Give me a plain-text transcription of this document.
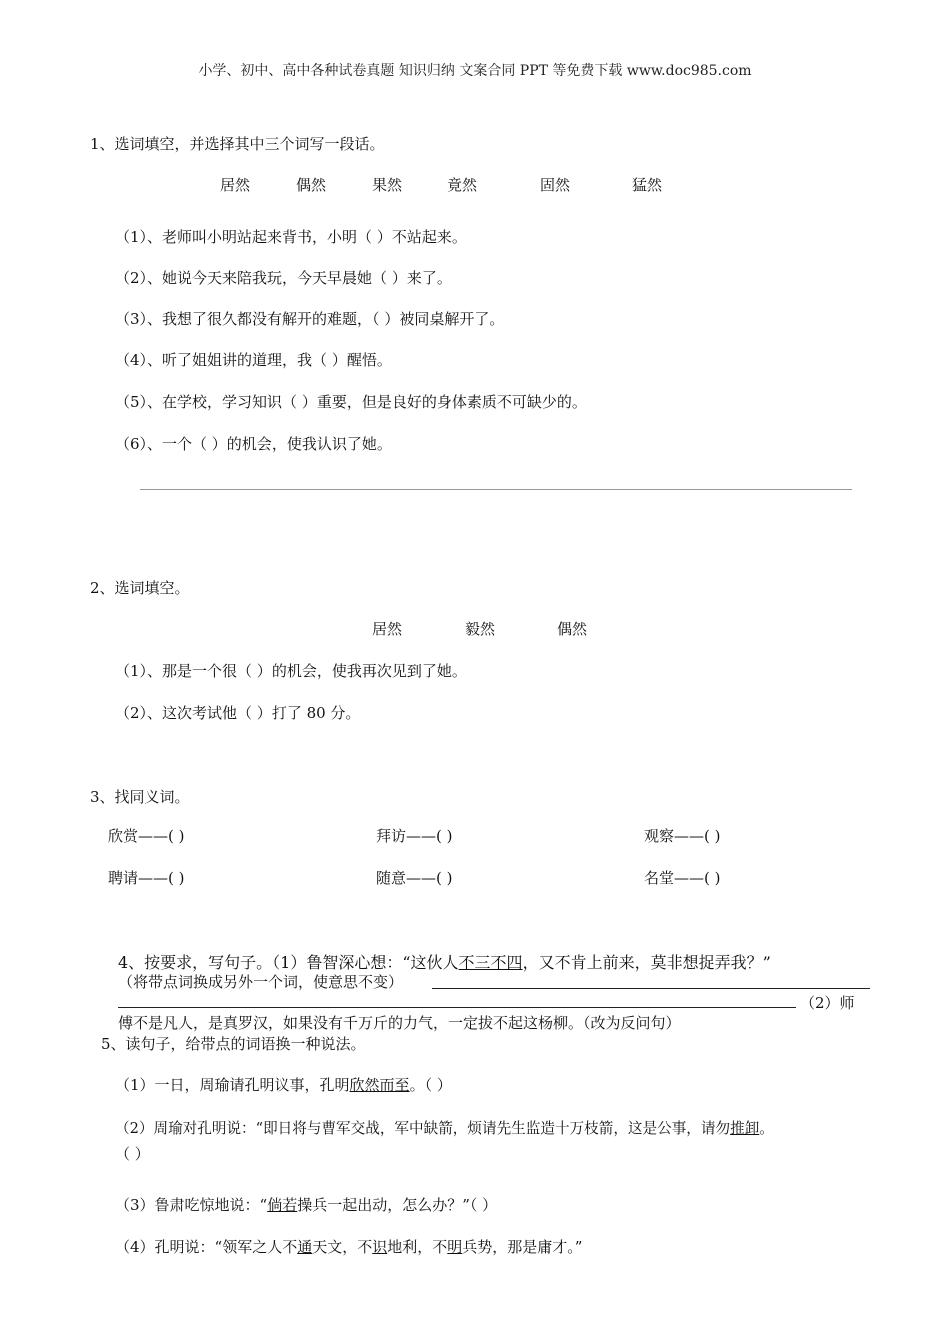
小学、初中、高中各种试卷真题 知识归纳 文案合同 PPT 等免费下载 www.doc985.com
1、选词填空，并选择其中三个词写一段话。
居然	偶然	果然	竟然	固然	猛然
（1）、老师叫小明站起来背书，小明（ ）不站起来。
（2）、她说今天来陪我玩，今天早晨她（ ）来了。
（3）、我想了很久都没有解开的难题，（ ）被同桌解开了。
（4）、听了姐姐讲的道理，我（ ）醒悟。
（5）、在学校，学习知识（ ）重要，但是良好的身体素质不可缺少的。
（6）、一个（ ）的机会，使我认识了她。
2、选词填空。
居然	毅然	偶然
（1）、那是一个很（ ）的机会，使我再次见到了她。
（2）、这次考试他（ ）打了 80 分。
3、找同义词。
欣赏——( )	拜访——( )	观察——( )
聘请——( )	随意——( )	名堂——( )
4、按要求，写句子。（1）鲁智深心想：“这伙人不三不四，又不肯上前来，莫非想捉弄我？”
（将带点词换成另外一个词，使意思不变）
（2）师
傅不是凡人，是真罗汉，如果没有千万斤的力气，一定拔不起这杨柳。（改为反问句）
5、读句子，给带点的词语换一种说法。
（1）一日，周瑜请孔明议事，孔明欣然而至。（ ）
（2）周瑜对孔明说：“即日将与曹军交战，军中缺箭，烦请先生监造十万枝箭，这是公事，请勿推卸。
（ ）
（3）鲁肃吃惊地说：“倘若操兵一起出动，怎么办？”（ ）
（4）孔明说：“领军之人不通天文，不识地利，不明兵势，那是庸才。”
